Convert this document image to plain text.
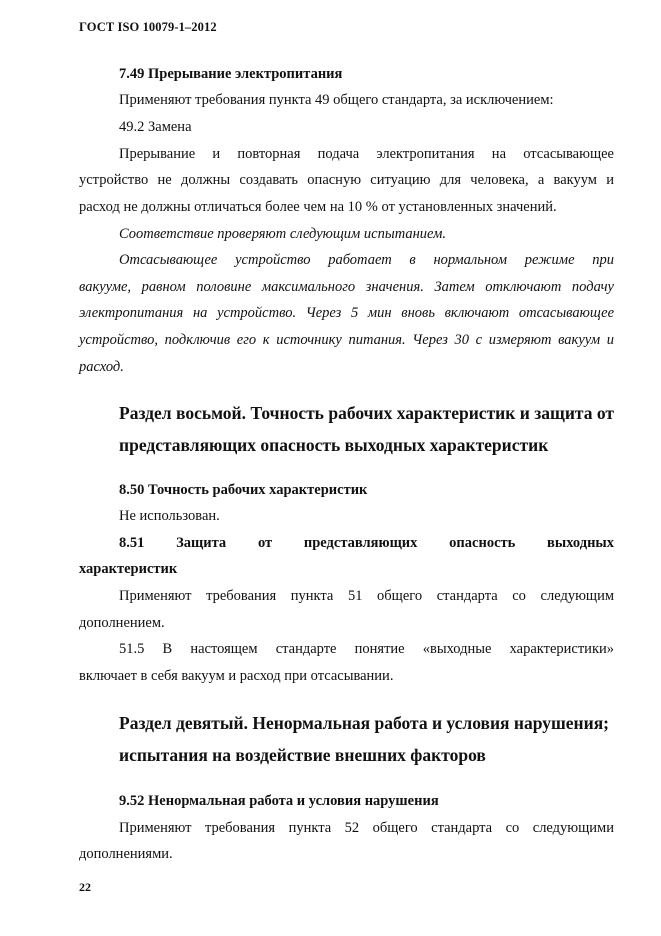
ГОСТ ISO 10079-1–2012
7.49 Прерывание электропитания
Применяют требования пункта 49 общего стандарта, за исключением:
49.2 Замена
Прерывание и повторная подача электропитания на отсасывающее
устройство не должны создавать опасную ситуацию для человека, а вакуум и
расход не должны отличаться более чем на 10 % от установленных значений.
Соответствие проверяют следующим испытанием.
Отсасывающее устройство работает в нормальном режиме при
вакууме, равном половине максимального значения. Затем отключают подачу
электропитания на устройство. Через 5 мин вновь включают отсасывающее
устройство, подключив его к источнику питания. Через 30 с измеряют вакуум и
расход.
Раздел восьмой. Точность рабочих характеристик и защита от
представляющих опасность выходных характеристик
8.50 Точность рабочих характеристик
Не использован.
8.51 Защита от представляющих опасность выходных
характеристик
Применяют требования пункта 51 общего стандарта со следующим
дополнением.
51.5 В настоящем стандарте понятие «выходные характеристики»
включает в себя вакуум и расход при отсасывании.
Раздел девятый. Ненормальная работа и условия нарушения;
испытания на воздействие внешних факторов
9.52 Ненормальная работа и условия нарушения
Применяют требования пункта 52 общего стандарта со следующими
дополнениями.
22
